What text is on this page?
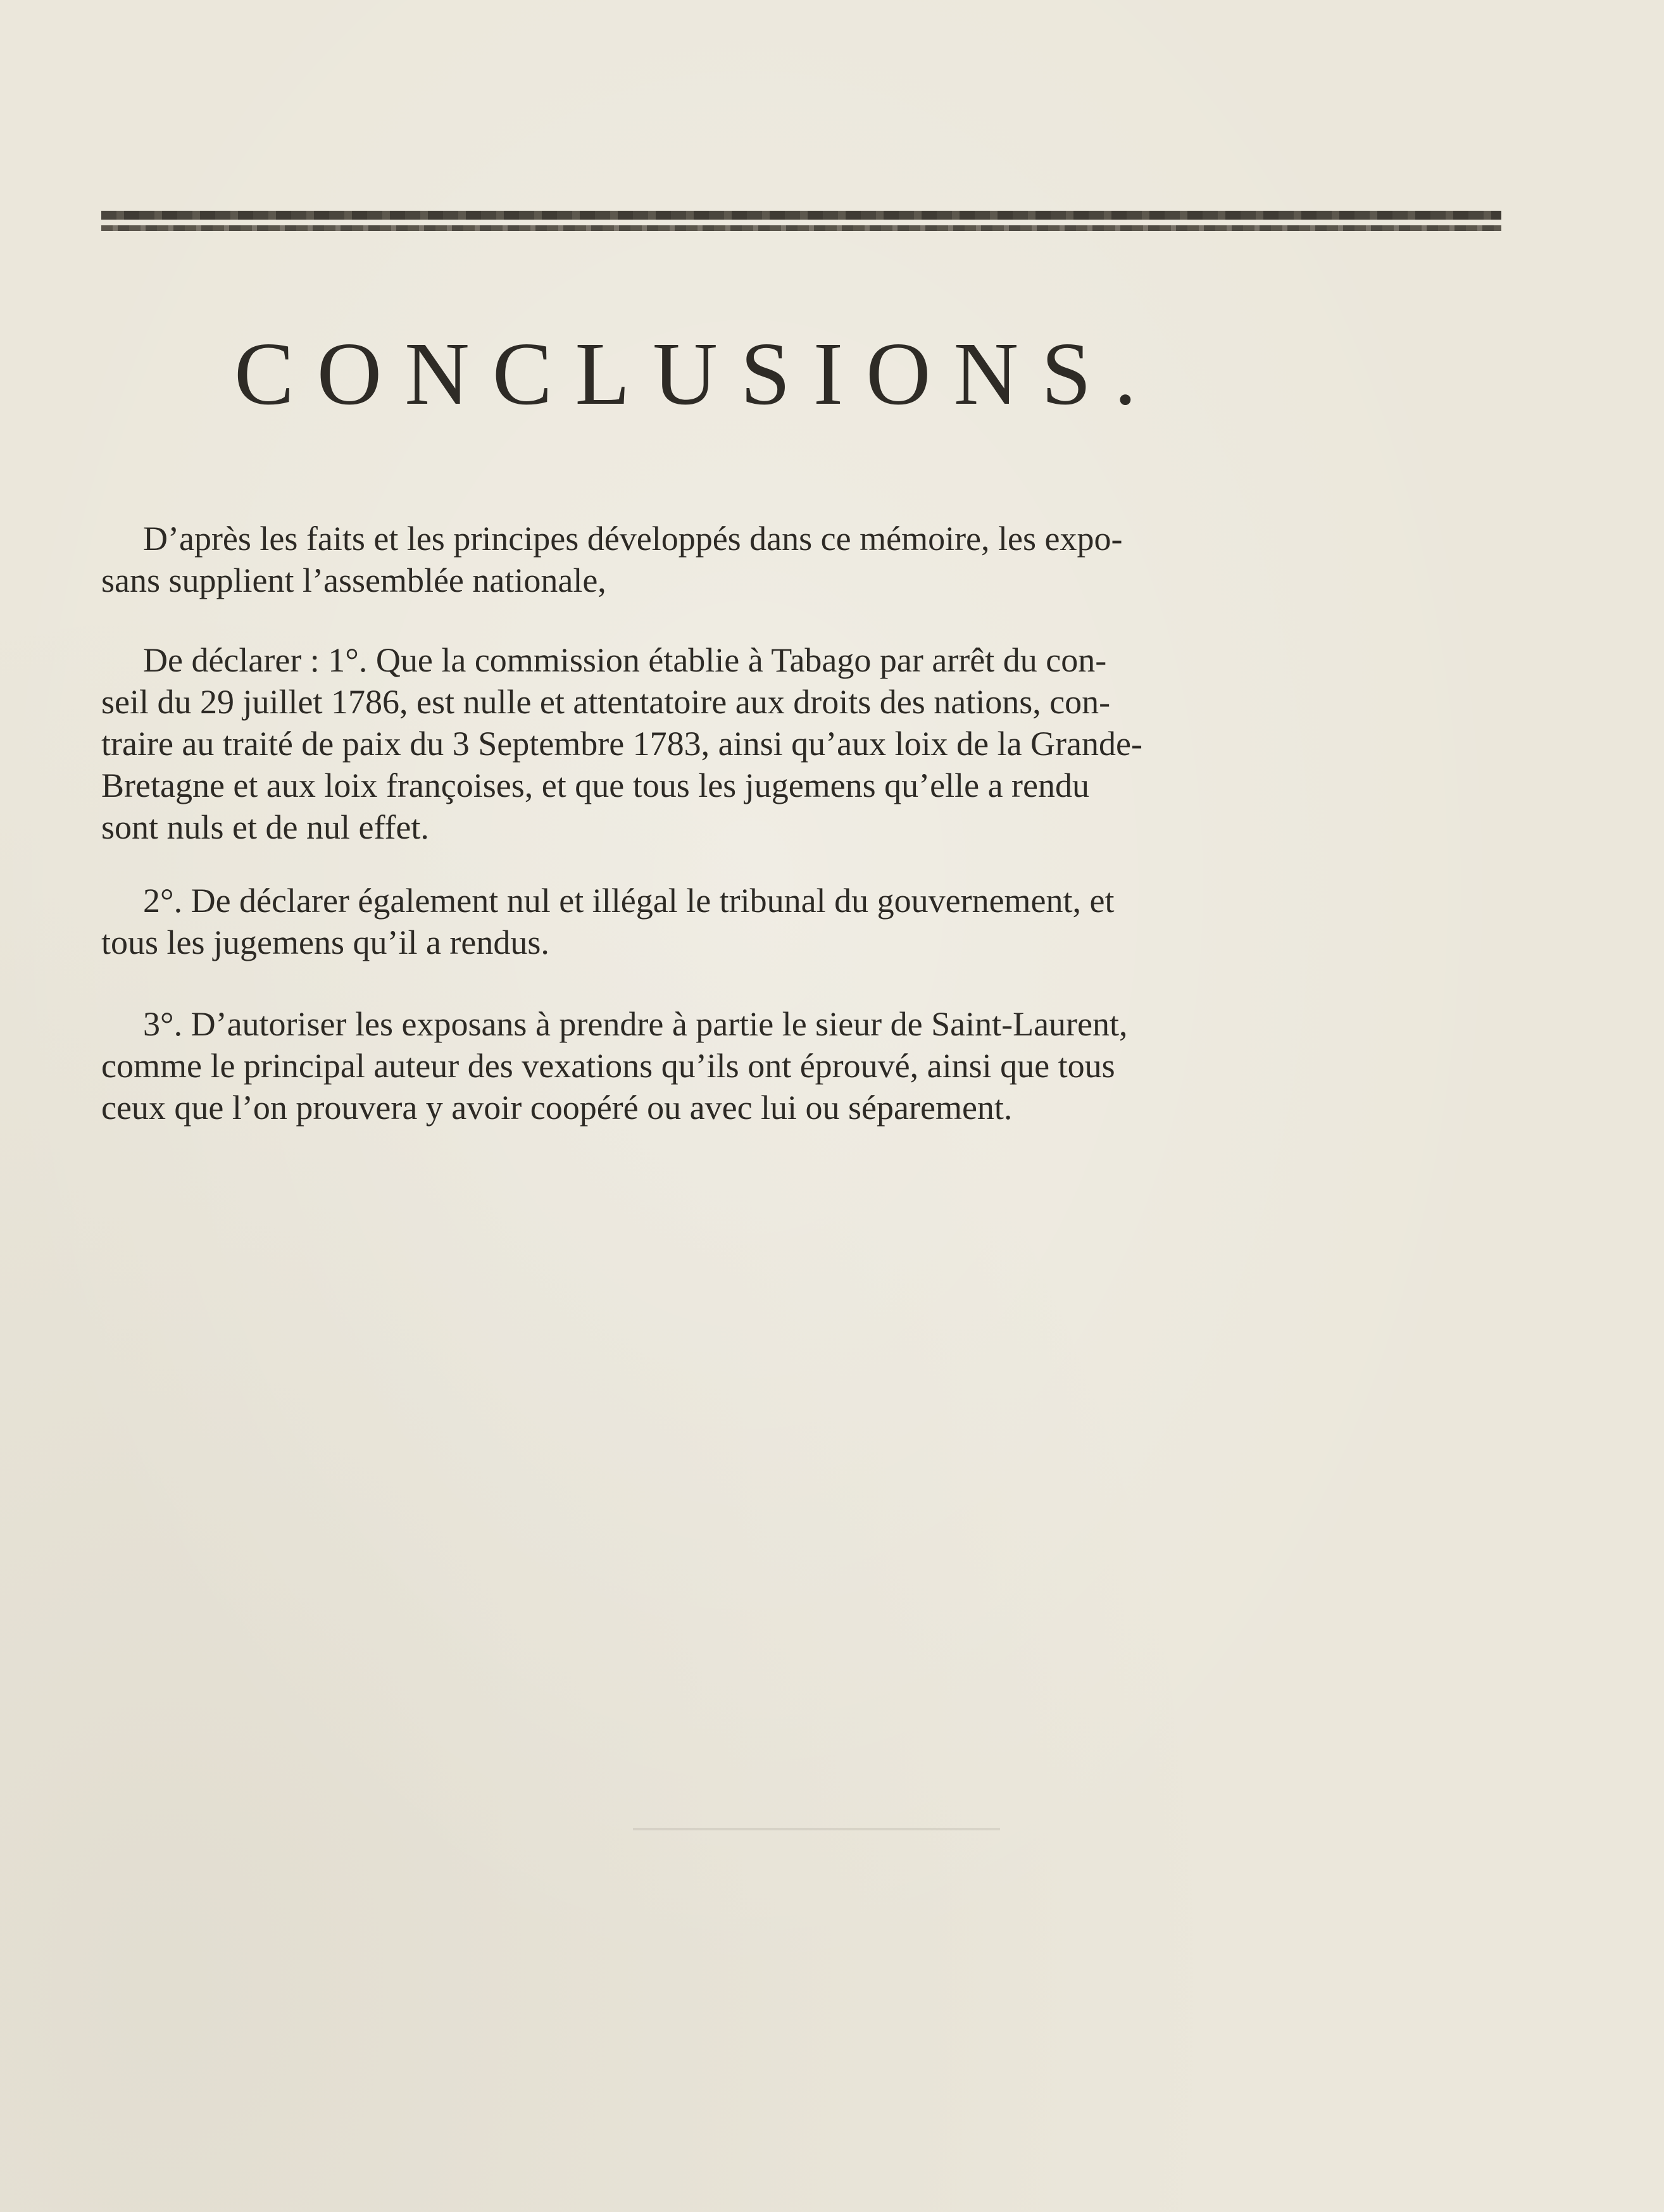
CONCLUSIONS.

D’après les faits et les principes développés dans ce mémoire, les expo-
sans supplient l’assemblée nationale,

De déclarer : 1°. Que la commission établie à Tabago par arrêt du con-
seil du 29 juillet 1786, est nulle et attentatoire aux droits des nations, con-
traire au traité de paix du 3 Septembre 1783, ainsi qu’aux loix de la Grande-
Bretagne et aux loix françoises, et que tous les jugemens qu’elle a rendu
sont nuls et de nul effet.

2°. De déclarer également nul et illégal le tribunal du gouvernement, et
tous les jugemens qu’il a rendus.

3°. D’autoriser les exposans à prendre à partie le sieur de Saint-Laurent,
comme le principal auteur des vexations qu’ils ont éprouvé, ainsi que tous
ceux que l’on prouvera y avoir coopéré ou avec lui ou séparement.
